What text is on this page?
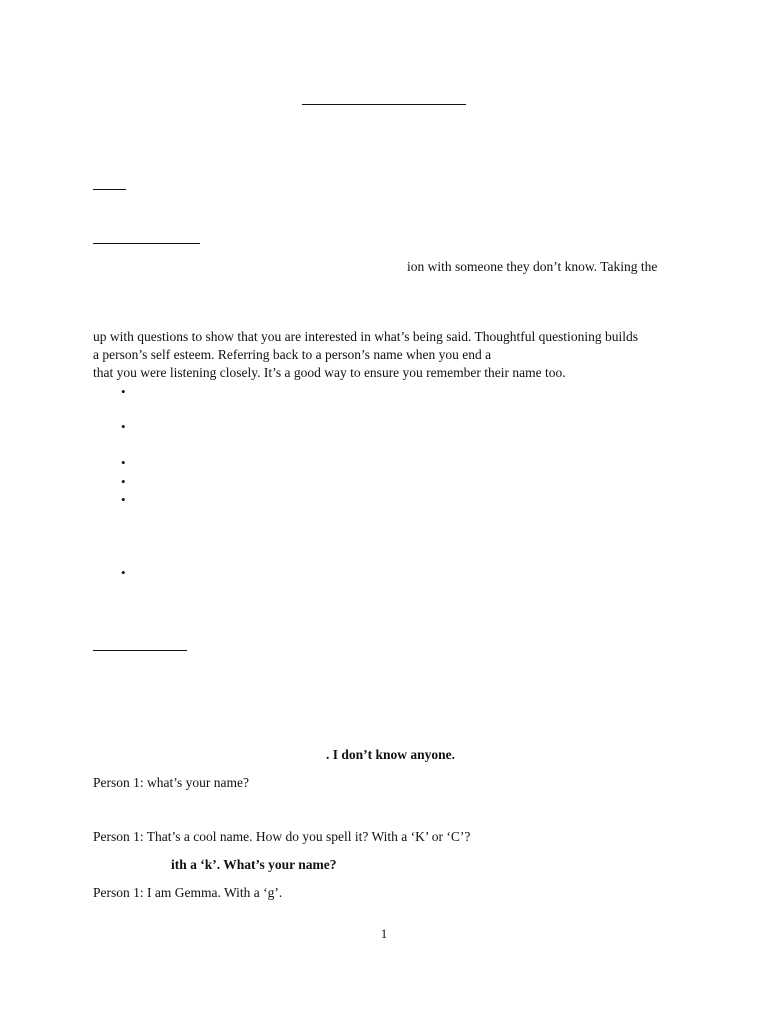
ion with someone they don’t know. Taking the
up with questions to show that you are interested in what’s being said. Thoughtful questioning builds
a person’s self esteem. Referring back to a person’s name when you end a
that you were listening closely. It’s a good way to ensure you remember their name too.
•
•
•
•
•
•
. I don’t know anyone.
Person 1: what’s your name?
Person 1: That’s a cool name. How do you spell it? With a ‘K’ or ‘C’?
ith a ‘k’. What’s your name?
Person 1: I am Gemma. With a ‘g’.
1
